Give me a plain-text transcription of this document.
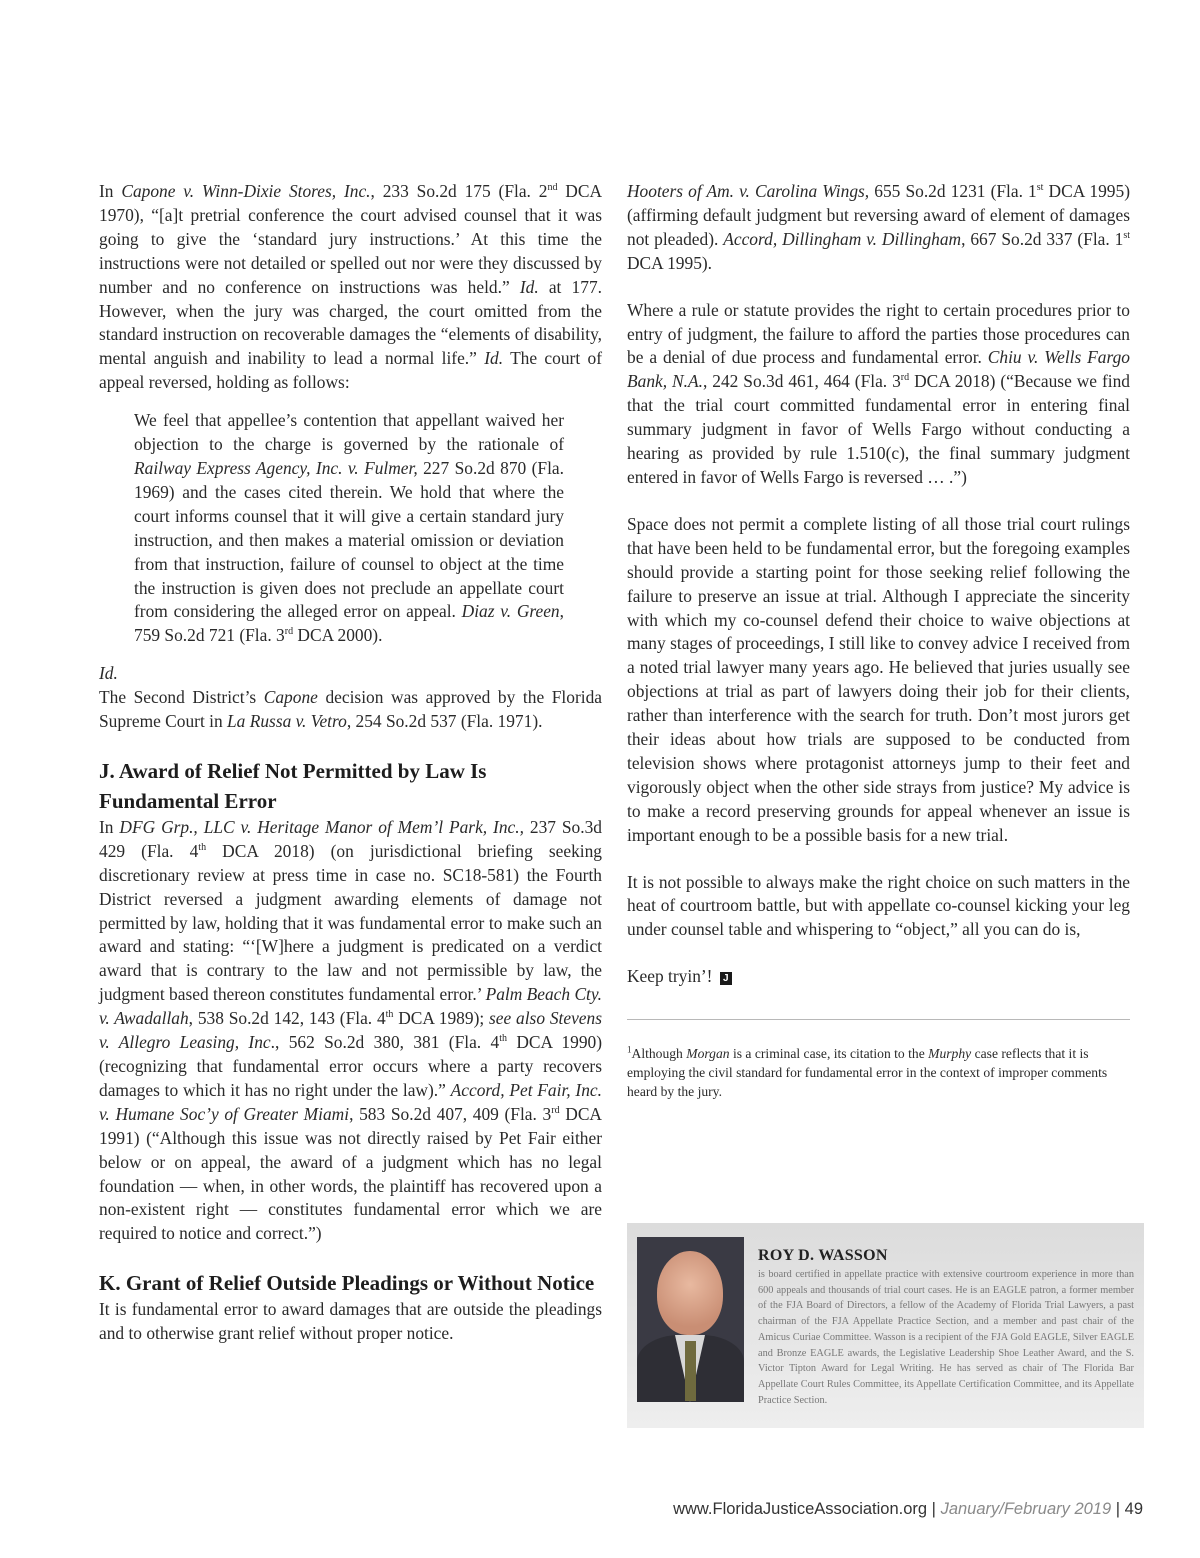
In Capone v. Winn-Dixie Stores, Inc., 233 So.2d 175 (Fla. 2nd DCA 1970), “[a]t pretrial conference the court advised counsel that it was going to give the ‘standard jury instructions.’ At this time the instructions were not detailed or spelled out nor were they discussed by number and no conference on instructions was held.” Id. at 177. However, when the jury was charged, the court omitted from the standard instruction on recoverable damages the “elements of disability, mental anguish and inability to lead a normal life.” Id. The court of appeal reversed, holding as follows:

We feel that appellee’s contention that appellant waived her objection to the charge is governed by the rationale of Railway Express Agency, Inc. v. Fulmer, 227 So.2d 870 (Fla. 1969) and the cases cited therein. We hold that where the court informs counsel that it will give a certain standard jury instruction, and then makes a material omission or deviation from that instruction, failure of counsel to object at the time the instruction is given does not preclude an appellate court from considering the alleged error on appeal. Diaz v. Green, 759 So.2d 721 (Fla. 3rd DCA 2000).
Id.

The Second District’s Capone decision was approved by the Florida Supreme Court in La Russa v. Vetro, 254 So.2d 537 (Fla. 1971).

J. Award of Relief Not Permitted by Law Is Fundamental Error

In DFG Grp., LLC v. Heritage Manor of Mem’l Park, Inc., 237 So.3d 429 (Fla. 4th DCA 2018) (on jurisdictional briefing seeking discretionary review at press time in case no. SC18-581) the Fourth District reversed a judgment awarding elements of damage not permitted by law, holding that it was fundamental error to make such an award and stating: “‘[W]here a judgment is predicated on a verdict award that is contrary to the law and not permissible by law, the judgment based thereon constitutes fundamental error.’ Palm Beach Cty. v. Awadallah, 538 So.2d 142, 143 (Fla. 4th DCA 1989); see also Stevens v. Allegro Leasing, Inc., 562 So.2d 380, 381 (Fla. 4th DCA 1990) (recognizing that fundamental error occurs where a party recovers damages to which it has no right under the law).” Accord, Pet Fair, Inc. v. Humane Soc’y of Greater Miami, 583 So.2d 407, 409 (Fla. 3rd DCA 1991) (“Although this issue was not directly raised by Pet Fair either below or on appeal, the award of a judgment which has no legal foundation — when, in other words, the plaintiff has recovered upon a non-existent right — constitutes fundamental error which we are required to notice and correct.”)

K. Grant of Relief Outside Pleadings or Without Notice

It is fundamental error to award damages that are outside the pleadings and to otherwise grant relief without proper notice.

Hooters of Am. v. Carolina Wings, 655 So.2d 1231 (Fla. 1st DCA 1995) (affirming default judgment but reversing award of element of damages not pleaded). Accord, Dillingham v. Dillingham, 667 So.2d 337 (Fla. 1st DCA 1995).

Where a rule or statute provides the right to certain procedures prior to entry of judgment, the failure to afford the parties those procedures can be a denial of due process and fundamental error. Chiu v. Wells Fargo Bank, N.A., 242 So.3d 461, 464 (Fla. 3rd DCA 2018) (“Because we find that the trial court committed fundamental error in entering final summary judgment in favor of Wells Fargo without conducting a hearing as provided by rule 1.510(c), the final summary judgment entered in favor of Wells Fargo is reversed … .”)

Space does not permit a complete listing of all those trial court rulings that have been held to be fundamental error, but the foregoing examples should provide a starting point for those seeking relief following the failure to preserve an issue at trial. Although I appreciate the sincerity with which my co-counsel defend their choice to waive objections at many stages of proceedings, I still like to convey advice I received from a noted trial lawyer many years ago. He believed that juries usually see objections at trial as part of lawyers doing their job for their clients, rather than interference with the search for truth. Don’t most jurors get their ideas about how trials are supposed to be conducted from television shows where protagonist attorneys jump to their feet and vigorously object when the other side strays from justice? My advice is to make a record preserving grounds for appeal whenever an issue is important enough to be a possible basis for a new trial.

It is not possible to always make the right choice on such matters in the heat of courtroom battle, but with appellate co-counsel kicking your leg under counsel table and whispering to “object,” all you can do is,

Keep tryin’! J

$^1$Although Morgan is a criminal case, its citation to the Murphy case reflects that it is employing the civil standard for fundamental error in the context of improper comments heard by the jury.

ROY D. WASSON
is board certified in appellate practice with extensive courtroom experience in more than 600 appeals and thousands of trial court cases. He is an EAGLE patron, a former member of the FJA Board of Directors, a fellow of the Academy of Florida Trial Lawyers, a past chairman of the FJA Appellate Practice Section, and a member and past chair of the Amicus Curiae Committee. Wasson is a recipient of the FJA Gold EAGLE, Silver EAGLE and Bronze EAGLE awards, the Legislative Leadership Shoe Leather Award, and the S. Victor Tipton Award for Legal Writing. He has served as chair of The Florida Bar Appellate Court Rules Committee, its Appellate Certification Committee, and its Appellate Practice Section.
www.FloridaJusticeAssociation.org | January/February 2019 | 49
